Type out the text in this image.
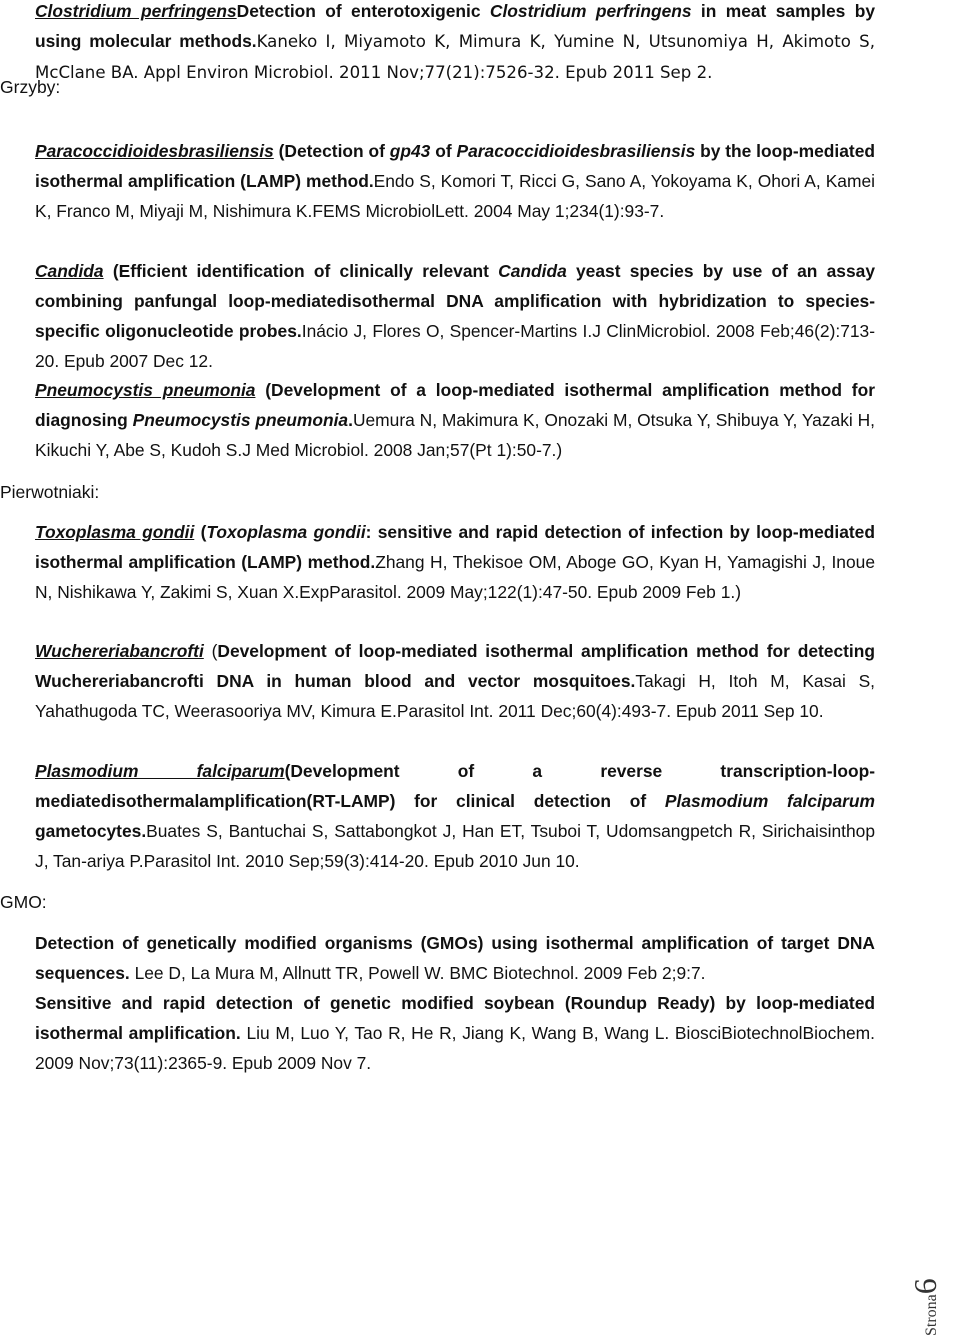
Clostridium perfringensDetection of enterotoxigenic Clostridium perfringens in meat samples by using molecular methods.Kaneko I, Miyamoto K, Mimura K, Yumine N, Utsunomiya H, Akimoto S, McClane BA. Appl Environ Microbiol. 2011 Nov;77(21):7526-32. Epub 2011 Sep 2.
Grzyby:
Paracoccidioidesbrasiliensis (Detection of gp43 of Paracoccidioidesbrasiliensis by the loop-mediated isothermal amplification (LAMP) method.Endo S, Komori T, Ricci G, Sano A, Yokoyama K, Ohori A, Kamei K, Franco M, Miyaji M, Nishimura K.FEMS MicrobiolLett. 2004 May 1;234(1):93-7.
Candida (Efficient identification of clinically relevant Candida yeast species by use of an assay combining panfungal loop-mediatedisothermal DNA amplification with hybridization to species-specific oligonucleotide probes.Inácio J, Flores O, Spencer-Martins I.J ClinMicrobiol. 2008 Feb;46(2):713-20. Epub 2007 Dec 12.
Pneumocystis pneumonia (Development of a loop-mediated isothermal amplification method for diagnosing Pneumocystis pneumonia.Uemura N, Makimura K, Onozaki M, Otsuka Y, Shibuya Y, Yazaki H, Kikuchi Y, Abe S, Kudoh S.J Med Microbiol. 2008 Jan;57(Pt 1):50-7.)
Pierwotniaki:
Toxoplasma gondii (Toxoplasma gondii: sensitive and rapid detection of infection by loop-mediated isothermal amplification (LAMP) method.Zhang H, Thekisoe OM, Aboge GO, Kyan H, Yamagishi J, Inoue N, Nishikawa Y, Zakimi S, Xuan X.ExpParasitol. 2009 May;122(1):47-50. Epub 2009 Feb 1.)
Wuchereriabancrofti (Development of loop-mediated isothermal amplification method for detecting Wuchereriabancrofti DNA in human blood and vector mosquitoes.Takagi H, Itoh M, Kasai S, Yahathugoda TC, Weerasooriya MV, Kimura E.Parasitol Int. 2011 Dec;60(4):493-7. Epub 2011 Sep 10.
Plasmodium falciparum(Development of a reverse transcription-loop-mediatedisothermalamplification(RT-LAMP) for clinical detection of Plasmodium falciparum gametocytes.Buates S, Bantuchai S, Sattabongkot J, Han ET, Tsuboi T, Udomsangpetch R, Sirichaisinthop J, Tan-ariya P.Parasitol Int. 2010 Sep;59(3):414-20. Epub 2010 Jun 10.
GMO:
Detection of genetically modified organisms (GMOs) using isothermal amplification of target DNA sequences. Lee D, La Mura M, Allnutt TR, Powell W. BMC Biotechnol. 2009 Feb 2;9:7.
Sensitive and rapid detection of genetic modified soybean (Roundup Ready) by loop-mediated isothermal amplification. Liu M, Luo Y, Tao R, He R, Jiang K, Wang B, Wang L. BiosciBiotechnolBiochem. 2009 Nov;73(11):2365-9. Epub 2009 Nov 7.
Strona6
